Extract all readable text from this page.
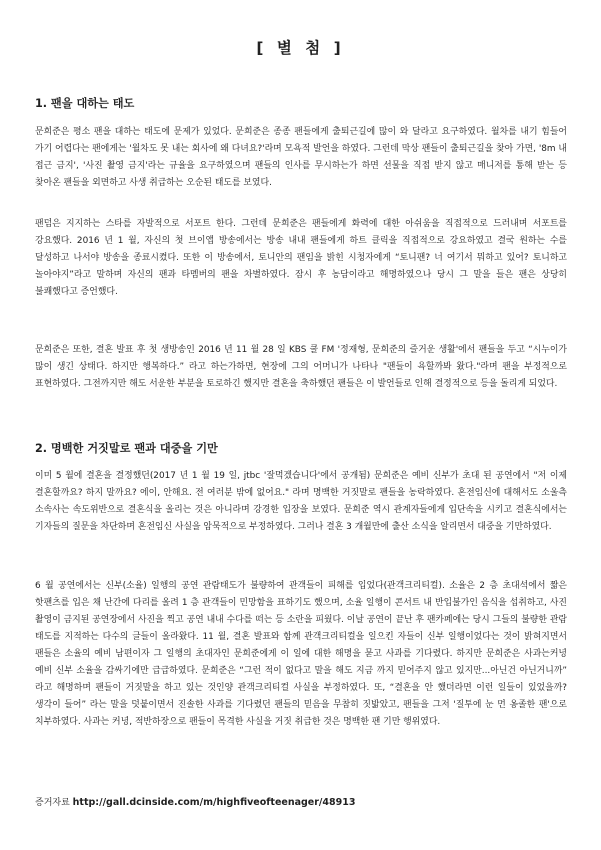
[ 별 첨 ]
1. 팬을 대하는 태도
문희준은 평소 팬을 대하는 태도에 문제가 있었다. 문희준은 종종 팬들에게 출퇴근길에 많이 와 달라고 요구하였다. 월차를 내기 힘들어 가기 어렵다는 팬에게는 '월차도 못 내는 회사에 왜 다녀요?'라며 모욕적 발언을 하였다. 그런데 막상 팬들이 출퇴근길을 찾아 가면, '8m 내 접근 금지', '사진 촬영 금지'라는 규율을 요구하였으며 팬들의 인사를 무시하는가 하면 선물을 직접 받지 않고 매니저를 통해 받는 등 찾아온 팬들을 외면하고 사생 취급하는 오순된 태도를 보였다.
팬덤은 지지하는 스타를 자발적으로 서포트 한다. 그런데 문희준은 팬들에게 화력에 대한 아쉬움을 직접적으로 드러내며 서포트를 강요했다. 2016 년 1 월, 자신의 첫 브이앱 방송에서는 방송 내내 팬들에게 하트 클릭을 직접적으로 강요하였고 결국 원하는 수를 달성하고 나서야 방송을 종료시켰다. 또한 이 방송에서, 토니안의 팬임을 밝힌 시청자에게 “토니팬? 너 여기서 뭐하고 있어? 토니하고 놀아야지”라고 말하며 자신의 팬과 타멤버의 팬을 차별하였다. 잠시 후 농담이라고 해명하였으나 당시 그 말을 들은 팬은 상당히 불쾌했다고 증언했다.
문희준은 또한, 결혼 발표 후 첫 생방송인 2016 년 11 월 28 일 KBS 쿨 FM '정재형, 문희준의 즐거운 생활'에서 팬들을 두고 “시누이가 많이 생긴 상태다. 하지만 행복하다.” 라고 하는가하면, 현장에 그의 어머니가 나타나 "팬들이 욕할까봐 왔다."라며 팬을 부정적으로 표현하였다. 그전까지만 해도 서운한 부분을 토로하긴 했지만 결혼을 축하했던 팬들은 이 발언들로 인해 결정적으로 등을 돌리게 되었다.
2. 명백한 거짓말로 팬과 대중을 기만
이미 5 월에 결혼을 결정했던(2017 년 1 월 19 일, jtbc '잘먹겠습니다'에서 공개됨) 문희준은 예비 신부가 초대 된 공연에서 "저 이제 결혼할까요? 하지 말까요? 에이, 안해요. 전 여러분 밖에 없어요." 라며 명백한 거짓말로 팬들을 농락하였다. 혼전임신에 대해서도 소울측 소속사는 속도위반으로 결혼식을 올리는 것은 아니라며 강경한 입장을 보였다. 문희준 역시 관계자들에게 입단속을 시키고 결혼식에서는 기자들의 질문을 차단하며 혼전임신 사실을 암묵적으로 부정하였다. 그러나 결혼 3 개월만에 출산 소식을 알리면서 대중을 기만하였다.
6 월 공연에서는 신부(소율) 일행의 공연 관람태도가 불량하여 관객들이 피해를 입었다(관객크리티컬). 소율은 2 층 초대석에서 짧은 핫팬츠를 입은 채 난간에 다리를 올려 1 층 관객들이 민망함을 표하기도 했으며, 소율 일행이 콘서트 내 반입불가인 음식을 섭취하고, 사진 촬영이 금지된 공연장에서 사진을 찍고 공연 내내 수다를 떠는 등 소란을 피웠다. 이날 공연이 끝난 후 팬카페에는 당시 그들의 불량한 관람 태도를 지적하는 다수의 글들이 올라왔다. 11 월, 결혼 발표와 함께 관객크리티컬을 일으킨 자들이 신부 일행이었다는 것이 밝혀지면서 팬들은 소율의 예비 남편이자 그 일행의 초대자인 문희준에게 이 일에 대한 해명을 묻고 사과를 기다렸다. 하지만 문희준은 사과는커녕 예비 신부 소율을 감싸기에만 급급하였다. 문희준은 “그런 적이 없다고 말을 해도 지금 까지 믿어주지 않고 있지만...아닌건 아닌거니까” 라고 해명하며 팬들이 거짓말을 하고 있는 것인양 관객크리티컬 사실을 부정하였다. 또, “결혼을 안 했더라면 이런 일들이 있었을까? 생각이 들어” 라는 말을 덧붙이면서 진솔한 사과를 기다렸던 팬들의 믿음을 무참히 짓밟았고, 팬들을 그저 '질투에 눈 먼 옹졸한 팬'으로 치부하였다. 사과는 커녕, 적반하장으로 팬들이 목격한 사실을 거짓 취급한 것은 명백한 팬 기만 행위였다.
증거자료 http://gall.dcinside.com/m/highfiveofteenager/48913
